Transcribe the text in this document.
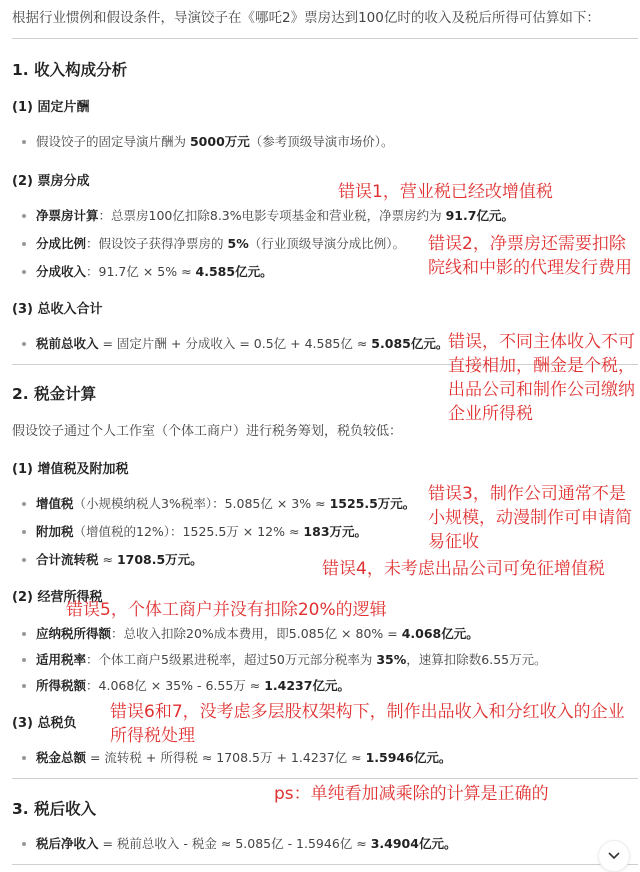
根据行业惯例和假设条件，导演饺子在《哪吒2》票房达到100亿时的收入及税后所得可估算如下：
1. 收入构成分析
(1) 固定片酬
假设饺子的固定导演片酬为 5000万元（参考顶级导演市场价）。
(2) 票房分成
净票房计算：总票房100亿扣除8.3%电影专项基金和营业税，净票房约为 91.7亿元。
分成比例：假设饺子获得净票房的 5%（行业顶级导演分成比例）。
分成收入：91.7亿 × 5% ≈ 4.585亿元。
(3) 总收入合计
税前总收入 = 固定片酬 + 分成收入 = 0.5亿 + 4.585亿 ≈ 5.085亿元。
2. 税金计算
假设饺子通过个人工作室（个体工商户）进行税务筹划，税负较低：
(1) 增值税及附加税
增值税（小规模纳税人3%税率）：5.085亿 × 3% ≈ 1525.5万元。
附加税（增值税的12%）：1525.5万 × 12% ≈ 183万元。
合计流转税 ≈ 1708.5万元。
(2) 经营所得税
应纳税所得额：总收入扣除20%成本费用，即5.085亿 × 80% = 4.068亿元。
适用税率：个体工商户5级累进税率，超过50万元部分税率为 35%，速算扣除数6.55万元。
所得税额：4.068亿 × 35% - 6.55万 ≈ 1.4237亿元。
(3) 总税负
税金总额 = 流转税 + 所得税 ≈ 1708.5万 + 1.4237亿 ≈ 1.5946亿元。
3. 税后收入
税后净收入 = 税前总收入 - 税金 ≈ 5.085亿 - 1.5946亿 ≈ 3.4904亿元。
错误1，营业税已经改增值税
错误2，净票房还需要扣除院线和中影的代理发行费用
错误，不同主体收入不可直接相加，酬金是个税，出品公司和制作公司缴纳企业所得税
错误3，制作公司通常不是小规模，动漫制作可申请简易征收
错误4，未考虑出品公司可免征增值税
错误5，个体工商户并没有扣除20%的逻辑
错误6和7，没考虑多层股权架构下，制作出品收入和分红收入的企业所得税处理
ps：单纯看加减乘除的计算是正确的
